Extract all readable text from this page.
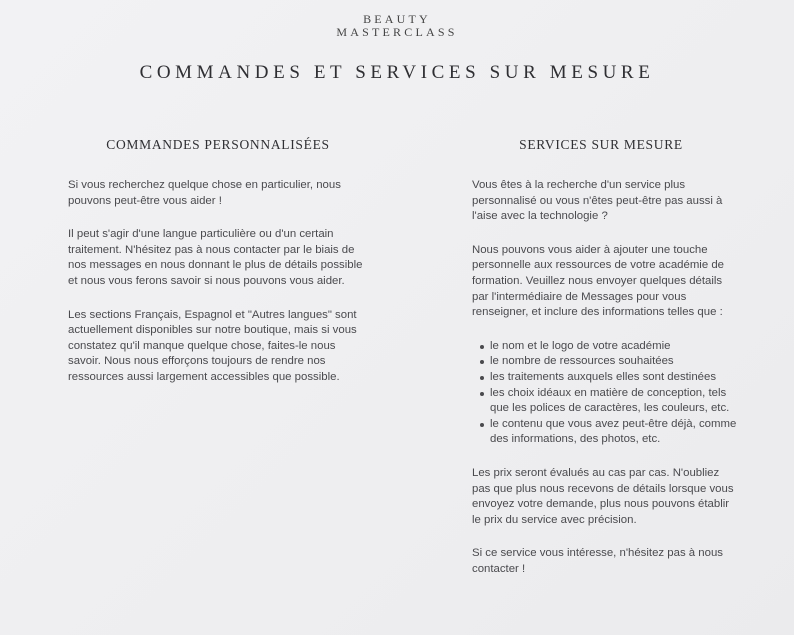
BEAUTY
MASTERCLASS
COMMANDES ET SERVICES SUR MESURE
COMMANDES PERSONNALISÉES

Si vous recherchez quelque chose en particulier, nous pouvons peut-être vous aider !

Il peut s'agir d'une langue particulière ou d'un certain traitement. N'hésitez pas à nous contacter par le biais de nos messages en nous donnant le plus de détails possible et nous vous ferons savoir si nous pouvons vous aider.

Les sections Français, Espagnol et "Autres langues" sont actuellement disponibles sur notre boutique, mais si vous constatez qu'il manque quelque chose, faites-le nous savoir. Nous nous efforçons toujours de rendre nos ressources aussi largement accessibles que possible.

SERVICES SUR MESURE

Vous êtes à la recherche d'un service plus personnalisé ou vous n'êtes peut-être pas aussi à l'aise avec la technologie ?

Nous pouvons vous aider à ajouter une touche personnelle aux ressources de votre académie de formation. Veuillez nous envoyer quelques détails par l'intermédiaire de Messages pour vous renseigner, et inclure des informations telles que :

le nom et le logo de votre académie
le nombre de ressources souhaitées
les traitements auxquels elles sont destinées
les choix idéaux en matière de conception, tels que les polices de caractères, les couleurs, etc.
le contenu que vous avez peut-être déjà, comme des informations, des photos, etc.

Les prix seront évalués au cas par cas. N'oubliez pas que plus nous recevons de détails lorsque vous envoyez votre demande, plus nous pouvons établir le prix du service avec précision.

Si ce service vous intéresse, n'hésitez pas à nous contacter !
